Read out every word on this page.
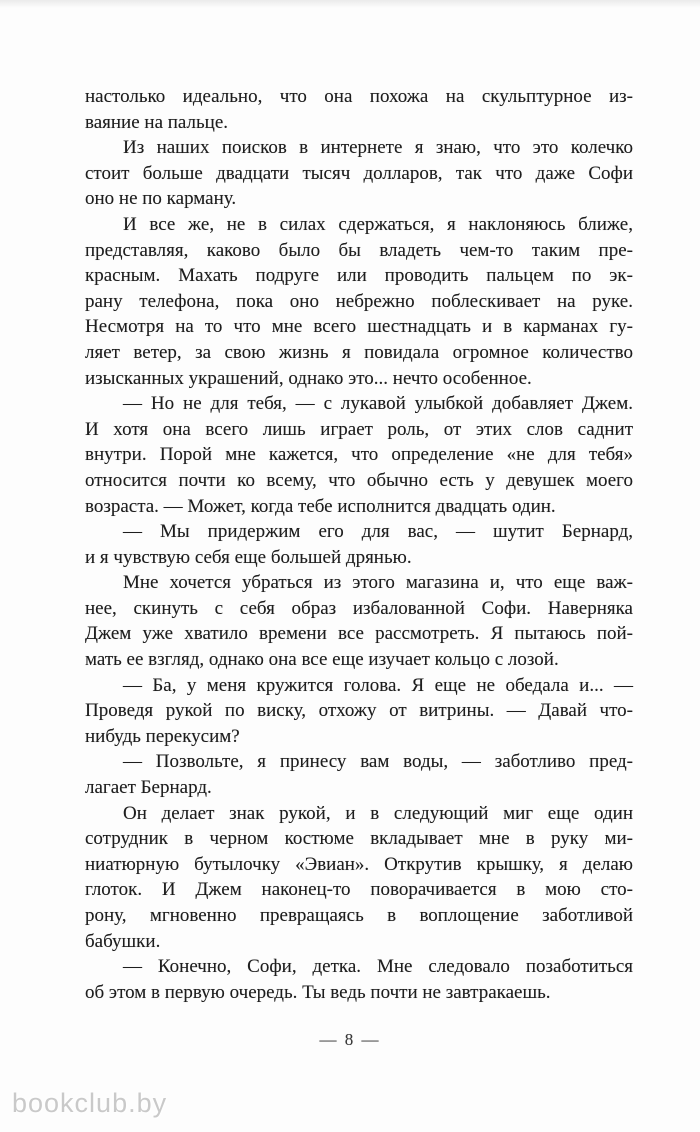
настолько идеально, что она похожа на скульптурное из-
ваяние на пальце.
Из наших поисков в интернете я знаю, что это колечко
стоит больше двадцати тысяч долларов, так что даже Софи
оно не по карману.
И все же, не в силах сдержаться, я наклоняюсь ближе,
представляя, каково было бы владеть чем-то таким пре-
красным. Махать подруге или проводить пальцем по эк-
рану телефона, пока оно небрежно поблескивает на руке.
Несмотря на то что мне всего шестнадцать и в карманах гу-
ляет ветер, за свою жизнь я повидала огромное количество
изысканных украшений, однако это... нечто особенное.
— Но не для тебя, — с лукавой улыбкой добавляет Джем.
И хотя она всего лишь играет роль, от этих слов саднит
внутри. Порой мне кажется, что определение «не для тебя»
относится почти ко всему, что обычно есть у девушек моего
возраста. — Может, когда тебе исполнится двадцать один.
— Мы придержим его для вас, — шутит Бернард,
и я чувствую себя еще большей дрянью.
Мне хочется убраться из этого магазина и, что еще важ-
нее, скинуть с себя образ избалованной Софи. Наверняка
Джем уже хватило времени все рассмотреть. Я пытаюсь пой-
мать ее взгляд, однако она все еще изучает кольцо с лозой.
— Ба, у меня кружится голова. Я еще не обедала и... —
Проведя рукой по виску, отхожу от витрины. — Давай что-
нибудь перекусим?
— Позвольте, я принесу вам воды, — заботливо пред-
лагает Бернард.
Он делает знак рукой, и в следующий миг еще один
сотрудник в черном костюме вкладывает мне в руку ми-
ниатюрную бутылочку «Эвиан». Открутив крышку, я делаю
глоток. И Джем наконец-то поворачивается в мою сто-
рону, мгновенно превращаясь в воплощение заботливой
бабушки.
— Конечно, Софи, детка. Мне следовало позаботиться
об этом в первую очередь. Ты ведь почти не завтракаешь.
— 8 —
bookclub.by
